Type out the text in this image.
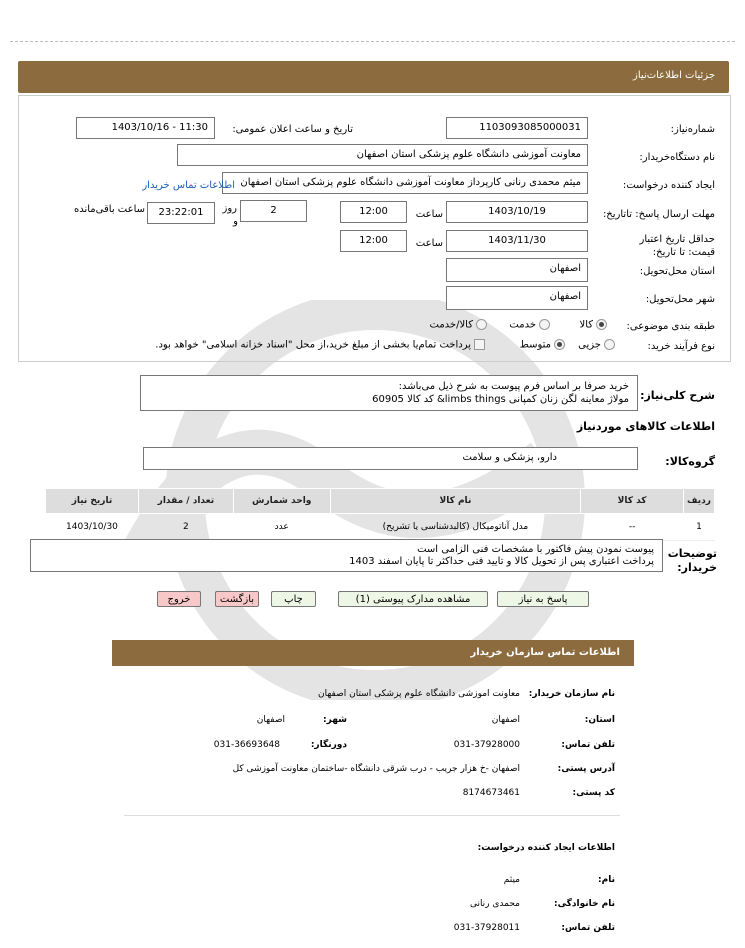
جزئیات اطلاعات‌نیاز
شماره‌نیاز:
1103093085000031
تاریخ و ساعت اعلان عمومی:
1403/10/16 - 11:30
نام دستگاه‌خریدار:
معاونت آموزشی دانشگاه علوم پزشکی استان اصفهان
ایجاد کننده درخواست:
میثم محمدی رنانی کارپرداز معاونت آموزشی دانشگاه علوم پزشکی استان اصفهان
اطلاعات تماس خریدار
مهلت ارسال پاسخ: تاتاریخ:
1403/10/19
ساعت
12:00
2
روز
و
23:22:01
ساعت باقی‌مانده
حداقل تاریخ اعتبار قیمت: تا تاریخ:
1403/11/30
ساعت
12:00
استان محل‌تحویل:
اصفهان
شهر محل‌تحویل:
اصفهان
طبقه بندی موضوعی:
کالا
خدمت
کالا/خدمت
نوع فرآیند خرید:
جزیی
متوسط
پرداخت تمام‌یا بخشی از مبلغ خرید،از محل "اسناد خزانه اسلامی" خواهد بود.
شرح کلی‌نیاز:
خرید صرفا بر اساس فرم پیوست به شرح ذیل می‌باشد:
مولاژ معاینه لگن زنان کمپانی limbs things& کد کالا 60905
اطلاعات کالاهای موردنیاز
گروه‌کالا:
دارو، پزشکی و سلامت
ردیف	کد کالا	نام کالا	واحد شمارش	تعداد / مقدار	تاریخ نیاز
1	--	مدل آناتومیکال (کالبدشناسی یا تشریح)	عدد	2	1403/10/30
توضیحات خریدار:
پیوست نمودن پیش فاکتور با مشخصات فنی الزامی است
پرداخت اعتباری پس از تحویل کالا و تایید فنی حداکثر تا پایان اسفند 1403
پاسخ به نیاز
مشاهده مدارک پیوستی (1)
چاپ
بازگشت
خروج
اطلاعات تماس سازمان خریدار
نام سازمان خریدار:
معاونت اموزشی دانشگاه علوم پزشکی استان اصفهان
استان:
اصفهان
شهر:
اصفهان
تلفن تماس:
031-37928000
دورنگار:
031-36693648
آدرس پستی:
اصفهان -خ هزار جریب - درب شرقی دانشگاه -ساختمان معاونت آموزشی کل
کد پستی:
8174673461
اطلاعات ایجاد کننده درخواست:
نام:
میثم
نام خانوادگی:
محمدی رنانی
تلفن تماس:
031-37928011
